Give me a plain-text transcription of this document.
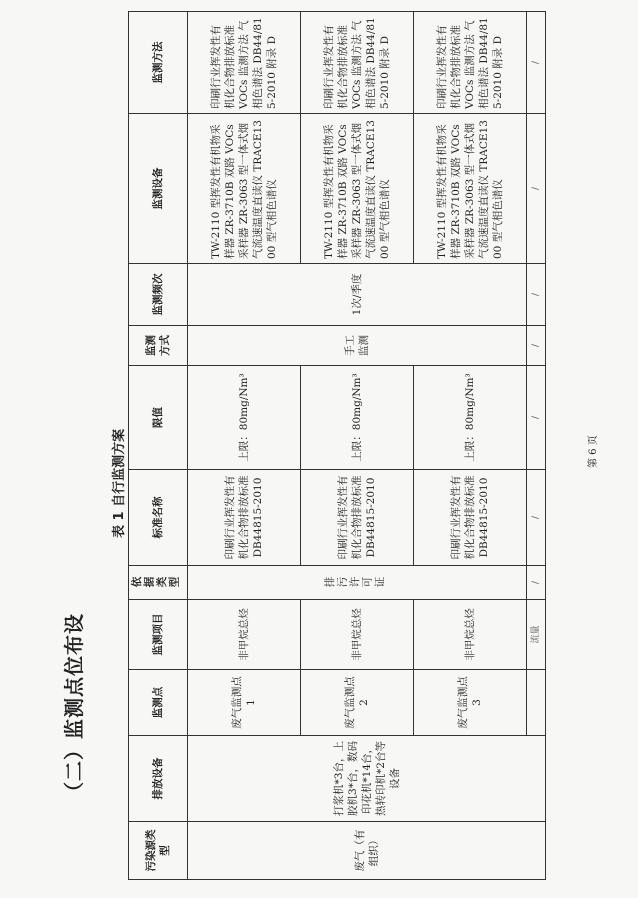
（二）监测点位布设
表 1 自行监测方案
污染源类型	排放设备	监测点	监测项目	依据类型	标准名称	限值	监测方式	监测频次	监测设备	监测方法
废气（有组织）	打浆机*3台，上胶机3*台，数码印花机*14台，热转印机*2台等设备	废气监测点 1	非甲烷总烃	排污许可证	印刷行业挥发性有机化合物排放标准 DB44815-2010	上限：80mg/Nm³	手工监测	1次/季度	TW-2110 型挥发性有机物采样器 ZR-3710B 双路 VOCs 采样器 ZR-3063 型一体式烟气流速温度直读仪 TRACE1300 型气相色谱仪	印刷行业挥发性有机化合物排放标准 VOCs 监测方法 气相色谱法 DB44/815-2010 附录 D
		废气监测点 2	非甲烷总烃		印刷行业挥发性有机化合物排放标准 DB44815-2010	上限：80mg/Nm³			TW-2110 型挥发性有机物采样器 ZR-3710B 双路 VOCs 采样器 ZR-3063 型一体式烟气流速温度直读仪 TRACE1300 型气相色谱仪	印刷行业挥发性有机化合物排放标准 VOCs 监测方法 气相色谱法 DB44/815-2010 附录 D
		废气监测点 3	非甲烷总烃		印刷行业挥发性有机化合物排放标准 DB44815-2010	上限：80mg/Nm³			TW-2110 型挥发性有机物采样器 ZR-3710B 双路 VOCs 采样器 ZR-3063 型一体式烟气流速温度直读仪 TRACE1300 型气相色谱仪	印刷行业挥发性有机化合物排放标准 VOCs 监测方法 气相色谱法 DB44/815-2010 附录 D
			流量	/	/	/	/	/	/	/
第 6 页
